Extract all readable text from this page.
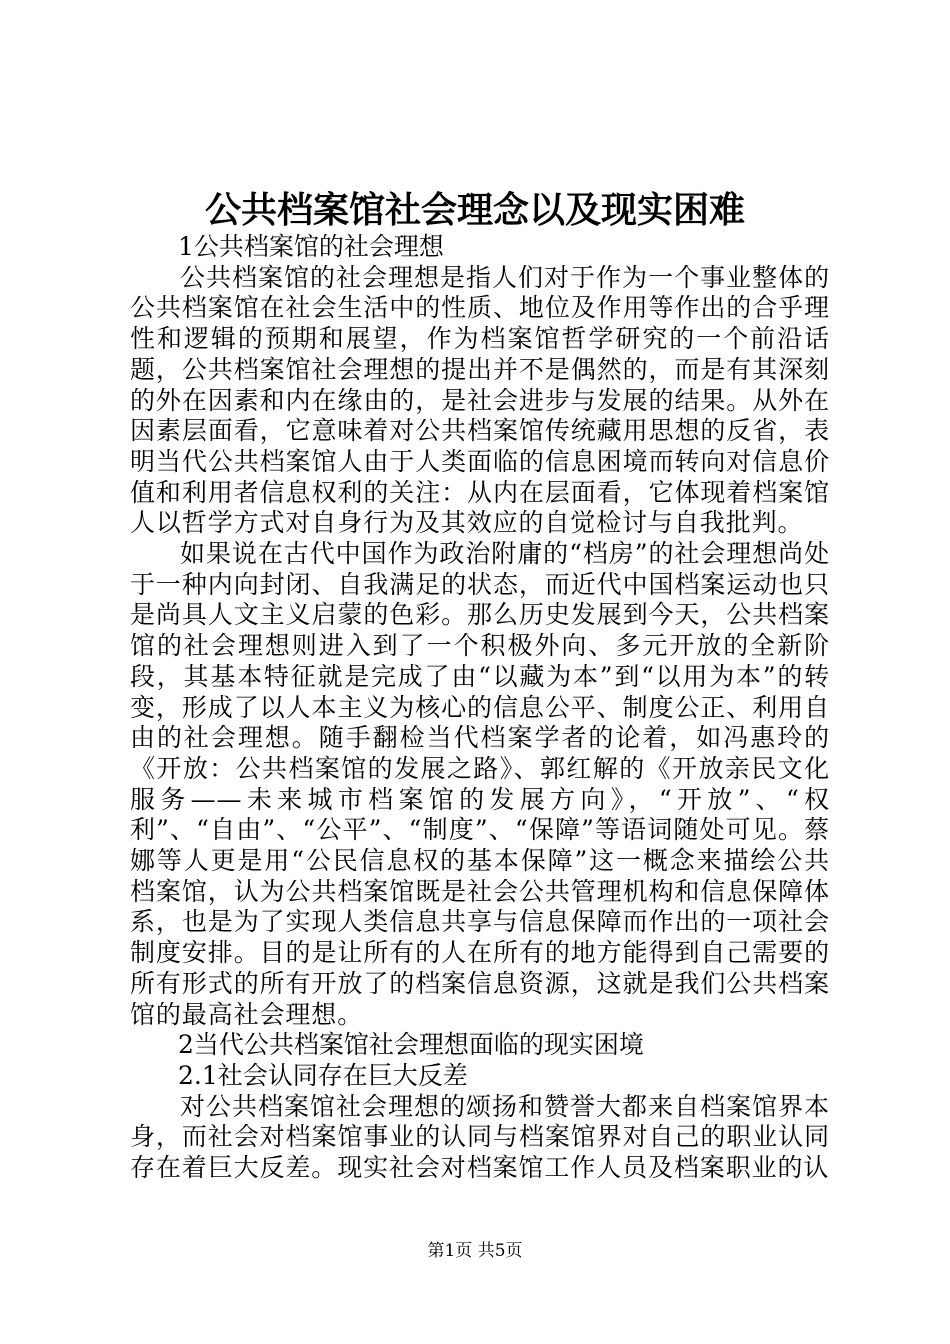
公共档案馆社会理念以及现实困难

1公共档案馆的社会理想

公共档案馆的社会理想是指人们对于作为一个事业整体的公共档案馆在社会生活中的性质、地位及作用等作出的合乎理性和逻辑的预期和展望，作为档案馆哲学研究的一个前沿话题，公共档案馆社会理想的提出并不是偶然的，而是有其深刻的外在因素和内在缘由的，是社会进步与发展的结果。从外在因素层面看，它意味着对公共档案馆传统藏用思想的反省，表明当代公共档案馆人由于人类面临的信息困境而转向对信息价值和利用者信息权利的关注：从内在层面看，它体现着档案馆人以哲学方式对自身行为及其效应的自觉检讨与自我批判。

如果说在古代中国作为政治附庸的“档房”的社会理想尚处于一种内向封闭、自我满足的状态，而近代中国档案运动也只是尚具人文主义启蒙的色彩。那么历史发展到今天，公共档案馆的社会理想则进入到了一个积极外向、多元开放的全新阶段，其基本特征就是完成了由“以藏为本”到“以用为本”的转变，形成了以人本主义为核心的信息公平、制度公正、利用自由的社会理想。随手翻检当代档案学者的论着，如冯惠玲的《开放：公共档案馆的发展之路》、郭红解的《开放亲民文化服务——未来城市档案馆的发展方向》，“开放”、“权利”、“自由”、“公平”、“制度”、“保障”等语词随处可见。蔡娜等人更是用“公民信息权的基本保障”这一概念来描绘公共档案馆，认为公共档案馆既是社会公共管理机构和信息保障体系，也是为了实现人类信息共享与信息保障而作出的一项社会制度安排。目的是让所有的人在所有的地方能得到自己需要的所有形式的所有开放了的档案信息资源，这就是我们公共档案馆的最高社会理想。

2当代公共档案馆社会理想面临的现实困境

2.1社会认同存在巨大反差

对公共档案馆社会理想的颂扬和赞誉大都来自档案馆界本身，而社会对档案馆事业的认同与档案馆界对自己的职业认同存在着巨大反差。现实社会对档案馆工作人员及档案职业的认

第1页 共5页
